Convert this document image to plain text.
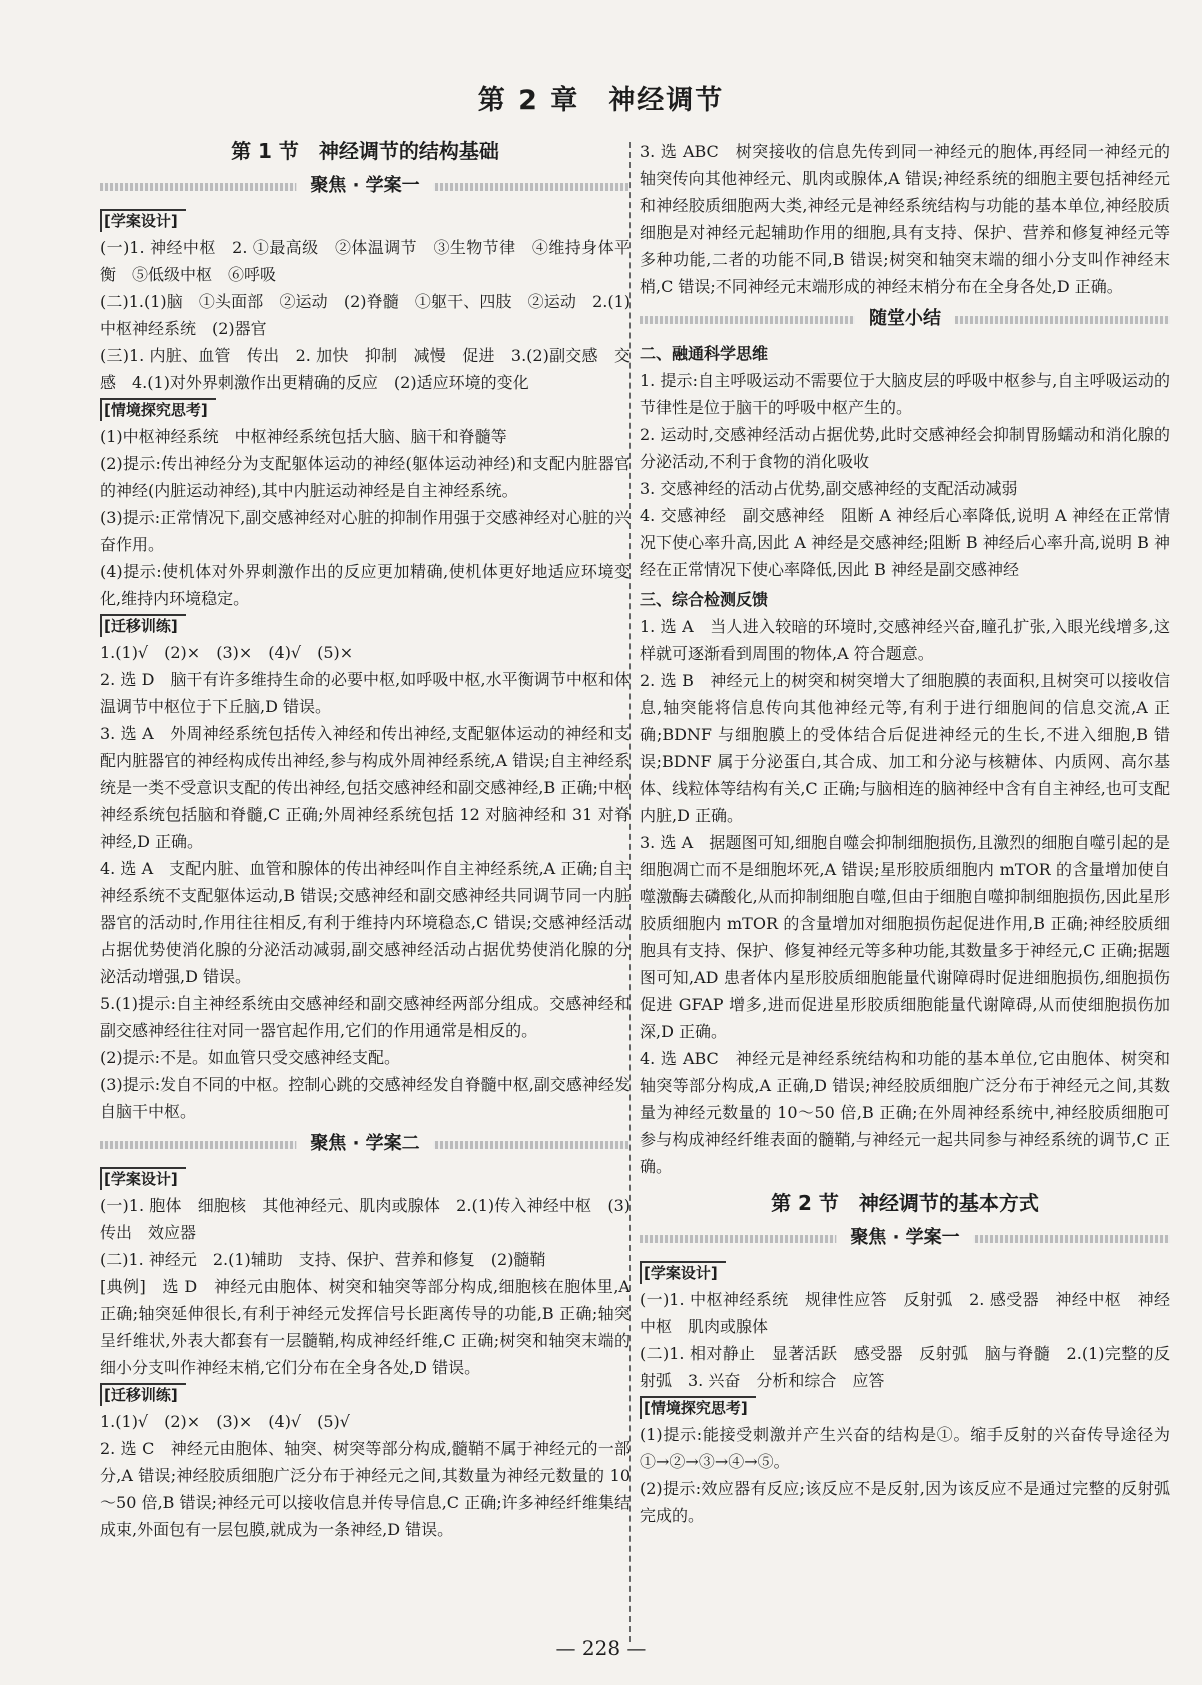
第 2 章　神经调节
第 1 节　神经调节的结构基础
聚焦 · 学案一
[学案设计]

(一)1. 神经中枢　2. ①最高级　②体温调节　③生物节律　④维持身体平衡　⑤低级中枢　⑥呼吸

(二)1.(1)脑　①头面部　②运动　(2)脊髓　①躯干、四肢　②运动　2.(1)中枢神经系统　(2)器官

(三)1. 内脏、血管　传出　2. 加快　抑制　减慢　促进　3.(2)副交感　交感　4.(1)对外界刺激作出更精确的反应　(2)适应环境的变化

[情境探究思考]

(1)中枢神经系统　中枢神经系统包括大脑、脑干和脊髓等

(2)提示:传出神经分为支配躯体运动的神经(躯体运动神经)和支配内脏器官的神经(内脏运动神经),其中内脏运动神经是自主神经系统。

(3)提示:正常情况下,副交感神经对心脏的抑制作用强于交感神经对心脏的兴奋作用。

(4)提示:使机体对外界刺激作出的反应更加精确,使机体更好地适应环境变化,维持内环境稳定。

[迁移训练]

1.(1)√　(2)×　(3)×　(4)√　(5)×

2. 选 D　脑干有许多维持生命的必要中枢,如呼吸中枢,水平衡调节中枢和体温调节中枢位于下丘脑,D 错误。

3. 选 A　外周神经系统包括传入神经和传出神经,支配躯体运动的神经和支配内脏器官的神经构成传出神经,参与构成外周神经系统,A 错误;自主神经系统是一类不受意识支配的传出神经,包括交感神经和副交感神经,B 正确;中枢神经系统包括脑和脊髓,C 正确;外周神经系统包括 12 对脑神经和 31 对脊神经,D 正确。

4. 选 A　支配内脏、血管和腺体的传出神经叫作自主神经系统,A 正确;自主神经系统不支配躯体运动,B 错误;交感神经和副交感神经共同调节同一内脏器官的活动时,作用往往相反,有利于维持内环境稳态,C 错误;交感神经活动占据优势使消化腺的分泌活动减弱,副交感神经活动占据优势使消化腺的分泌活动增强,D 错误。

5.(1)提示:自主神经系统由交感神经和副交感神经两部分组成。交感神经和副交感神经往往对同一器官起作用,它们的作用通常是相反的。

(2)提示:不是。如血管只受交感神经支配。

(3)提示:发自不同的中枢。控制心跳的交感神经发自脊髓中枢,副交感神经发自脑干中枢。

聚焦 · 学案二
[学案设计]

(一)1. 胞体　细胞核　其他神经元、肌肉或腺体　2.(1)传入神经中枢　(3)传出　效应器

(二)1. 神经元　2.(1)辅助　支持、保护、营养和修复　(2)髓鞘

[典例]　选 D　神经元由胞体、树突和轴突等部分构成,细胞核在胞体里,A 正确;轴突延伸很长,有利于神经元发挥信号长距离传导的功能,B 正确;轴突呈纤维状,外表大都套有一层髓鞘,构成神经纤维,C 正确;树突和轴突末端的细小分支叫作神经末梢,它们分布在全身各处,D 错误。

[迁移训练]

1.(1)√　(2)×　(3)×　(4)√　(5)√

2. 选 C　神经元由胞体、轴突、树突等部分构成,髓鞘不属于神经元的一部分,A 错误;神经胶质细胞广泛分布于神经元之间,其数量为神经元数量的 10～50 倍,B 错误;神经元可以接收信息并传导信息,C 正确;许多神经纤维集结成束,外面包有一层包膜,就成为一条神经,D 错误。

3. 选 ABC　树突接收的信息先传到同一神经元的胞体,再经同一神经元的轴突传向其他神经元、肌肉或腺体,A 错误;神经系统的细胞主要包括神经元和神经胶质细胞两大类,神经元是神经系统结构与功能的基本单位,神经胶质细胞是对神经元起辅助作用的细胞,具有支持、保护、营养和修复神经元等多种功能,二者的功能不同,B 错误;树突和轴突末端的细小分支叫作神经末梢,C 错误;不同神经元末端形成的神经末梢分布在全身各处,D 正确。

随堂小结
二、融通科学思维

1. 提示:自主呼吸运动不需要位于大脑皮层的呼吸中枢参与,自主呼吸运动的节律性是位于脑干的呼吸中枢产生的。

2. 运动时,交感神经活动占据优势,此时交感神经会抑制胃肠蠕动和消化腺的分泌活动,不利于食物的消化吸收

3. 交感神经的活动占优势,副交感神经的支配活动减弱

4. 交感神经　副交感神经　阻断 A 神经后心率降低,说明 A 神经在正常情况下使心率升高,因此 A 神经是交感神经;阻断 B 神经后心率升高,说明 B 神经在正常情况下使心率降低,因此 B 神经是副交感神经

三、综合检测反馈

1. 选 A　当人进入较暗的环境时,交感神经兴奋,瞳孔扩张,入眼光线增多,这样就可逐渐看到周围的物体,A 符合题意。

2. 选 B　神经元上的树突和树突增大了细胞膜的表面积,且树突可以接收信息,轴突能将信息传向其他神经元等,有利于进行细胞间的信息交流,A 正确;BDNF 与细胞膜上的受体结合后促进神经元的生长,不进入细胞,B 错误;BDNF 属于分泌蛋白,其合成、加工和分泌与核糖体、内质网、高尔基体、线粒体等结构有关,C 正确;与脑相连的脑神经中含有自主神经,也可支配内脏,D 正确。

3. 选 A　据题图可知,细胞自噬会抑制细胞损伤,且激烈的细胞自噬引起的是细胞凋亡而不是细胞坏死,A 错误;星形胶质细胞内 mTOR 的含量增加使自噬激酶去磷酸化,从而抑制细胞自噬,但由于细胞自噬抑制细胞损伤,因此星形胶质细胞内 mTOR 的含量增加对细胞损伤起促进作用,B 正确;神经胶质细胞具有支持、保护、修复神经元等多种功能,其数量多于神经元,C 正确;据题图可知,AD 患者体内星形胶质细胞能量代谢障碍时促进细胞损伤,细胞损伤促进 GFAP 增多,进而促进星形胶质细胞能量代谢障碍,从而使细胞损伤加深,D 正确。

4. 选 ABC　神经元是神经系统结构和功能的基本单位,它由胞体、树突和轴突等部分构成,A 正确,D 错误;神经胶质细胞广泛分布于神经元之间,其数量为神经元数量的 10～50 倍,B 正确;在外周神经系统中,神经胶质细胞可参与构成神经纤维表面的髓鞘,与神经元一起共同参与神经系统的调节,C 正确。

第 2 节　神经调节的基本方式
聚焦 · 学案一
[学案设计]

(一)1. 中枢神经系统　规律性应答　反射弧　2. 感受器　神经中枢　神经中枢　肌肉或腺体

(二)1. 相对静止　显著活跃　感受器　反射弧　脑与脊髓　2.(1)完整的反射弧　3. 兴奋　分析和综合　应答

[情境探究思考]

(1)提示:能接受刺激并产生兴奋的结构是①。缩手反射的兴奋传导途径为①→②→③→④→⑤。

(2)提示:效应器有反应;该反应不是反射,因为该反应不是通过完整的反射弧完成的。

— 228 —
